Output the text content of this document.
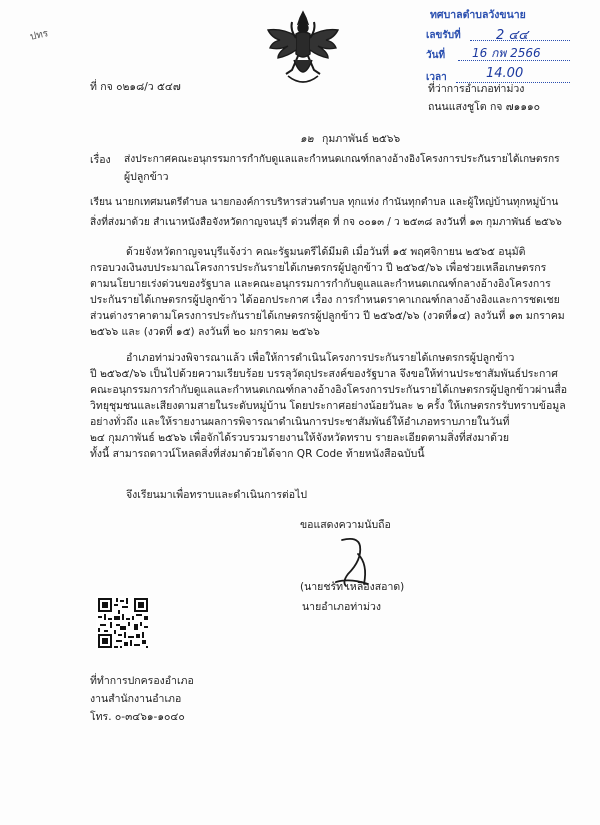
ปทร
ทศบาลตำบลวังขนาย
เลขรับที่	2 ๔๔
วันที่ 16 กพ 2566
เวลา	14.00
ที่ กจ ๐๒๑๘/ว ๕๔๗	ที่ว่าการอำเภอท่าม่วง
ถนนแสงชูโต กจ ๗๑๑๑๐
๑๒ กุมภาพันธ์ ๒๕๖๖
เรื่อง ส่งประกาศคณะอนุกรรมการกำกับดูแลและกำหนดเกณฑ์กลางอ้างอิงโครงการประกันรายได้เกษตรกร
ผู้ปลูกข้าว
เรียน นายกเทศมนตรีตำบล นายกองค์การบริหารส่วนตำบล ทุกแห่ง กำนันทุกตำบล และผู้ใหญ่บ้านทุกหมู่บ้าน
สิ่งที่ส่งมาด้วย สำเนาหนังสือจังหวัดกาญจนบุรี ด่วนที่สุด ที่ กจ ๐๐๑๓ / ว ๒๕๓๘ ลงวันที่ ๑๓ กุมภาพันธ์ ๒๕๖๖
ด้วยจังหวัดกาญจนบุรีแจ้งว่า คณะรัฐมนตรีได้มีมติ เมื่อวันที่ ๑๕ พฤศจิกายน ๒๕๖๕ อนุมัติ
กรอบวงเงินงบประมาณโครงการประกันรายได้เกษตรกรผู้ปลูกข้าว ปี ๒๕๖๕/๖๖ เพื่อช่วยเหลือเกษตรกร
ตามนโยบายเร่งด่วนของรัฐบาล และคณะอนุกรรมการกำกับดูแลและกำหนดเกณฑ์กลางอ้างอิงโครงการ
ประกันรายได้เกษตรกรผู้ปลูกข้าว ได้ออกประกาศ เรื่อง การกำหนดราคาเกณฑ์กลางอ้างอิงและการชดเชย
ส่วนต่างราคาตามโครงการประกันรายได้เกษตรกรผู้ปลูกข้าว ปี ๒๕๖๕/๖๖ (งวดที่๑๔) ลงวันที่ ๑๓ มกราคม
๒๕๖๖ และ (งวดที่ ๑๕) ลงวันที่ ๒๐ มกราคม ๒๕๖๖
อำเภอท่าม่วงพิจารณาแล้ว เพื่อให้การดำเนินโครงการประกันรายได้เกษตรกรผู้ปลูกข้าว
ปี ๒๕๖๕/๖๖ เป็นไปด้วยความเรียบร้อย บรรลุวัตถุประสงค์ของรัฐบาล จึงขอให้ท่านประชาสัมพันธ์ประกาศ
คณะอนุกรรมการกำกับดูแลและกำหนดเกณฑ์กลางอ้างอิงโครงการประกันรายได้เกษตรกรผู้ปลูกข้าวผ่านสื่อ
วิทยุชุมชนและเสียงตามสายในระดับหมู่บ้าน โดยประกาศอย่างน้อยวันละ ๒ ครั้ง ให้เกษตรกรรับทราบข้อมูล
อย่างทั่วถึง และให้รายงานผลการพิจารณาดำเนินการประชาสัมพันธ์ให้อำเภอทราบภายในวันที่
๒๔ กุมภาพันธ์ ๒๕๖๖ เพื่อจักได้รวบรวมรายงานให้จังหวัดทราบ รายละเอียดตามสิ่งที่ส่งมาด้วย
ทั้งนี้ สามารถดาวน์โหลดสิ่งที่ส่งมาด้วยได้จาก QR Code ท้ายหนังสือฉบับนี้
จึงเรียนมาเพื่อทราบและดำเนินการต่อไป
ขอแสดงความนับถือ
(นายชรัท เหลืองสอาด)
นายอำเภอท่าม่วง
ที่ทำการปกครองอำเภอ
งานสำนักงานอำเภอ
โทร. ๐-๓๔๖๑-๑๐๔๐
